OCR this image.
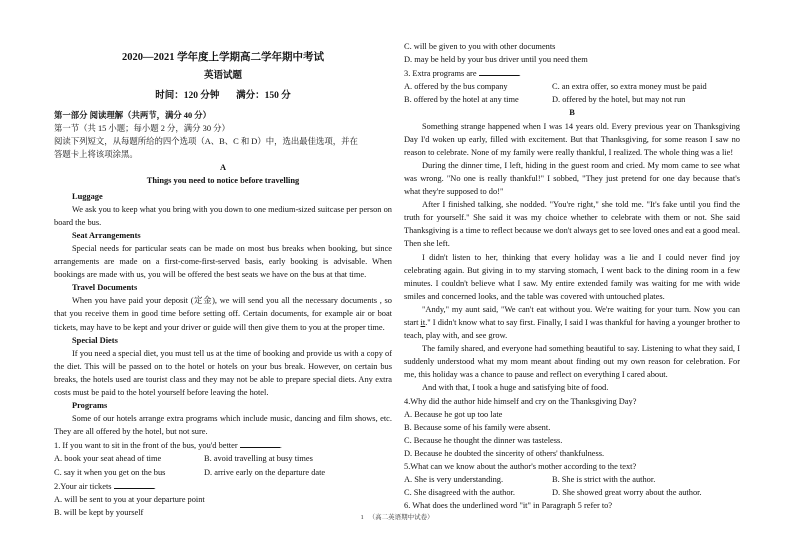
2020—2021 学年度上学期高二学年期中考试
英语试题
时间：120 分钟 满分：150 分

第一部分 阅读理解（共两节，满分 40 分）

第一节（共 15 小题；每小题 2 分，满分 30 分）

阅读下列短文，从每题所给的四个选项（A、B、C 和 D）中，选出最佳选项，并在

答题卡上将该项涂黑。

A

Things you need to notice before travelling

Luggage

We ask you to keep what you bring with you down to one medium-sized suitcase per person on board the bus.

Seat Arrangements

Special needs for particular seats can be made on most bus breaks when booking, but since arrangements are made on a first-come-first-served basis, early booking is advisable. When bookings are made with us, you will be offered the best seats we have on the bus at that time.

Travel Documents

When you have paid your deposit (定金), we will send you all the necessary documents , so that you receive them in good time before setting off. Certain documents, for example air or boat tickets, may have to be kept and your driver or guide will then give them to you at the proper time.

Special Diets

If you need a special diet, you must tell us at the time of booking and provide us with a copy of the diet. This will be passed on to the hotel or hotels on your bus break. However, on certain bus breaks, the hotels used are tourist class and they may not be able to prepare special diets. Any extra costs must be paid to the hotel yourself before leaving the hotel.

Programs

Some of our hotels arrange extra programs which include music, dancing and film shows, etc. They are all offered by the hotel, but not sure.

1. If you want to sit in the front of the bus, you'd better	.

A. book your seat ahead of time	B. avoid travelling at busy times
C. say it when you get on the bus	D. arrive early on the departure date

2.Your air tickets	.

A. will be sent to you at your departure point

B. will be kept by yourself

C. will be given to you with other documents

D. may be held by your bus driver until you need them

3. Extra programs are	.

A. offered by the bus company	C. an extra offer, so extra money must be paid
B. offered by the hotel at any time	D. offered by the hotel, but may not run

B

Something strange happened when I was 14 years old. Every previous year on Thanksgiving Day I'd woken up early, filled with excitement. But that Thanksgiving, for some reason I saw no reason to celebrate. None of my family were really thankful, I realized. The whole thing was a lie!

During the dinner time, I left, hiding in the guest room and cried. My mom came to see what was wrong. "No one is really thankful!" I sobbed, "They just pretend for one day because that's what they're supposed to do!"

After I finished talking, she nodded. "You're right," she told me. "It's fake until you find the truth for yourself." She said it was my choice whether to celebrate with them or not. She said Thanksgiving is a time to reflect because we don't always get to see loved ones and eat a good meal. Then she left.

I didn't listen to her, thinking that every holiday was a lie and I could never find joy celebrating again. But giving in to my starving stomach, I went back to the dining room in a few minutes. I couldn't believe what I saw. My entire extended family was waiting for me with wide smiles and concerned looks, and the table was covered with untouched plates.

"Andy," my aunt said, "We can't eat without you. We're waiting for your turn. Now you can start it." I didn't know what to say first. Finally, I said I was thankful for having a younger brother to teach, play with, and see grow.

The family shared, and everyone had something beautiful to say. Listening to what they said, I suddenly understood what my mom meant about finding out my own reason for celebration. For me, this holiday was a chance to pause and reflect on everything I cared about.

And with that, I took a huge and satisfying bite of food.

4.Why did the author hide himself and cry on the Thanksgiving Day?

A. Because he got up too late

B. Because some of his family were absent.

C. Because he thought the dinner was tasteless.

D. Because he doubted the sincerity of others' thankfulness.

5.What can we know about the author's mother according to the text?

A. She is very understanding.	B. She is strict with the author.
C. She disagreed with the author.	D. She showed great worry about the author.

6. What does the underlined word "it" in Paragraph 5 refer to?

1 （高二英语期中试卷）
